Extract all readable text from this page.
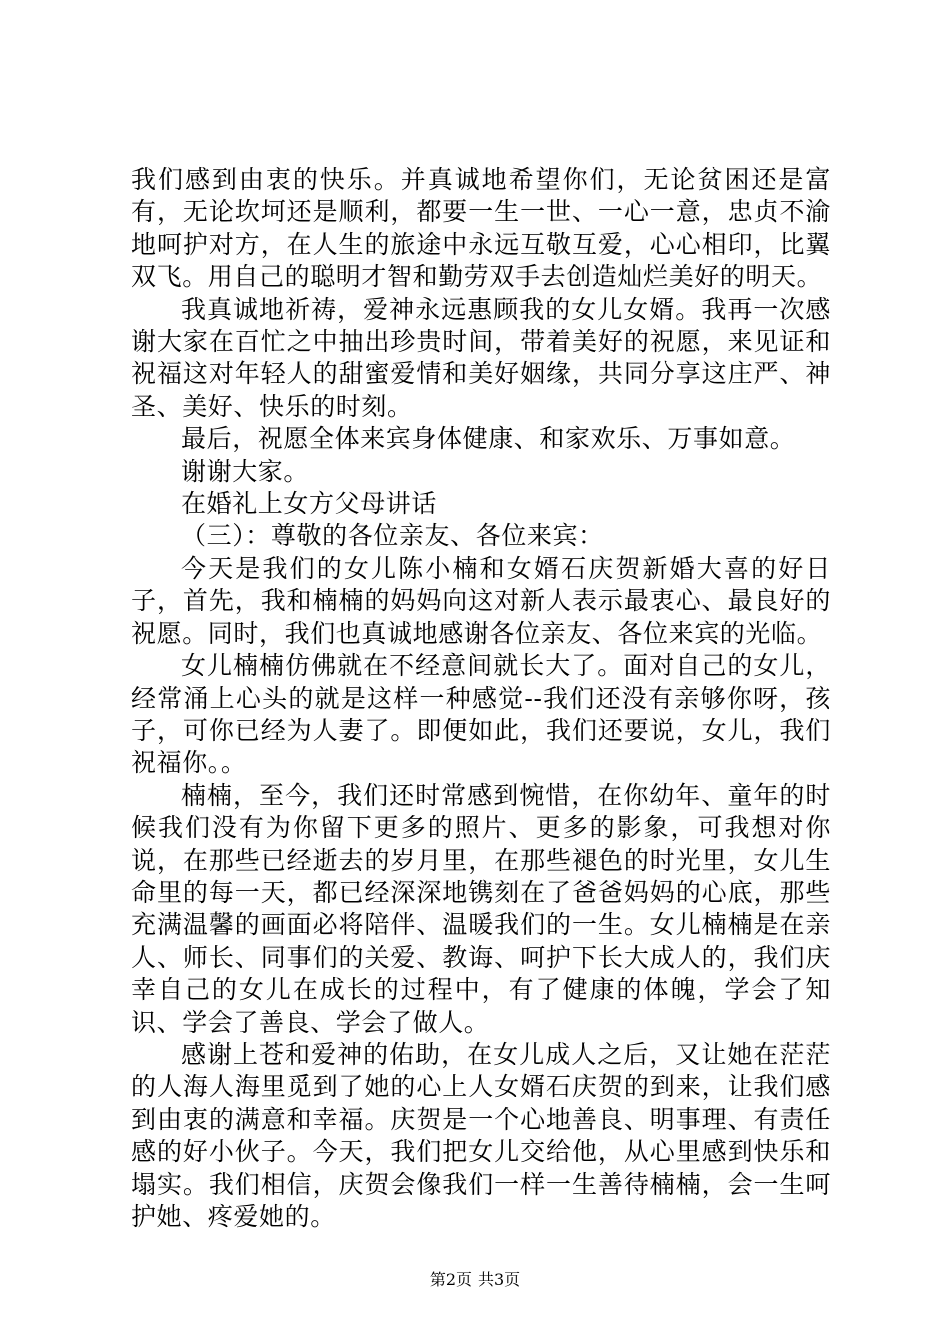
我们感到由衷的快乐。并真诚地希望你们，无论贫困还是富有，无论坎坷还是顺利，都要一生一世、一心一意，忠贞不渝地呵护对方，在人生的旅途中永远互敬互爱，心心相印，比翼双飞。用自己的聪明才智和勤劳双手去创造灿烂美好的明天。

我真诚地祈祷，爱神永远惠顾我的女儿女婿。我再一次感谢大家在百忙之中抽出珍贵时间，带着美好的祝愿，来见证和祝福这对年轻人的甜蜜爱情和美好姻缘，共同分享这庄严、神圣、美好、快乐的时刻。

最后，祝愿全体来宾身体健康、和家欢乐、万事如意。

谢谢大家。

在婚礼上女方父母讲话

（三）：尊敬的各位亲友、各位来宾：

今天是我们的女儿陈小楠和女婿石庆贺新婚大喜的好日子，首先，我和楠楠的妈妈向这对新人表示最衷心、最良好的祝愿。同时，我们也真诚地感谢各位亲友、各位来宾的光临。

女儿楠楠仿佛就在不经意间就长大了。面对自己的女儿，经常涌上心头的就是这样一种感觉--我们还没有亲够你呀，孩子，可你已经为人妻了。即便如此，我们还要说，女儿，我们祝福你。。

楠楠，至今，我们还时常感到惋惜，在你幼年、童年的时候我们没有为你留下更多的照片、更多的影象，可我想对你说，在那些已经逝去的岁月里，在那些褪色的时光里，女儿生命里的每一天，都已经深深地镌刻在了爸爸妈妈的心底，那些充满温馨的画面必将陪伴、温暖我们的一生。女儿楠楠是在亲人、师长、同事们的关爱、教诲、呵护下长大成人的，我们庆幸自己的女儿在成长的过程中，有了健康的体魄，学会了知识、学会了善良、学会了做人。

感谢上苍和爱神的佑助，在女儿成人之后，又让她在茫茫的人海人海里觅到了她的心上人女婿石庆贺的到来，让我们感到由衷的满意和幸福。庆贺是一个心地善良、明事理、有责任感的好小伙子。今天，我们把女儿交给他，从心里感到快乐和塌实。我们相信，庆贺会像我们一样一生善待楠楠，会一生呵护她、疼爱她的。

第2页 共3页
